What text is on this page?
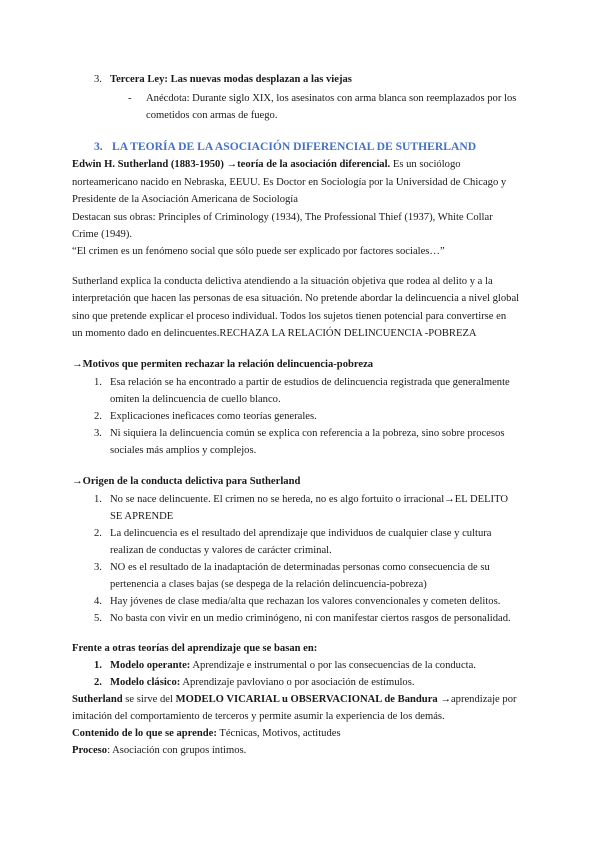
3. Tercera Ley: Las nuevas modas desplazan a las viejas
- Anécdota: Durante siglo XIX, los asesinatos con arma blanca son reemplazados por los
cometidos con armas de fuego.
3. LA TEORÍA DE LA ASOCIACIÓN DIFERENCIAL DE SUTHERLAND
Edwin H. Sutherland (1883-1950) →teoría de la asociación diferencial. Es un sociólogo
norteamericano nacido en Nebraska, EEUU. Es Doctor en Sociología por la Universidad de Chicago y
Presidente de la Asociación Americana de Sociología
Destacan sus obras: Principles of Criminology (1934), The Professional Thief (1937), White Collar
Crime (1949).
“El crimen es un fenómeno social que sólo puede ser explicado por factores sociales…”
Sutherland explica la conducta delictiva atendiendo a la situación objetiva que rodea al delito y a la
interpretación que hacen las personas de esa situación. No pretende abordar la delincuencia a nivel global
sino que pretende explicar el proceso individual. Todos los sujetos tienen potencial para convertirse en
un momento dado en delincuentes.RECHAZA LA RELACIÓN DELINCUENCIA -POBREZA
→Motivos que permiten rechazar la relación delincuencia-pobreza
1. Esa relación se ha encontrado a partir de estudios de delincuencia registrada que generalmente
omiten la delincuencia de cuello blanco.
2. Explicaciones ineficaces como teorías generales.
3. Ni siquiera la delincuencia común se explica con referencia a la pobreza, sino sobre procesos
sociales más amplios y complejos.
→Origen de la conducta delictiva para Sutherland
1. No se nace delincuente. El crimen no se hereda, no es algo fortuito o irracional→EL DELITO
SE APRENDE
2. La delincuencia es el resultado del aprendizaje que individuos de cualquier clase y cultura
realizan de conductas y valores de carácter criminal.
3. NO es el resultado de la inadaptación de determinadas personas como consecuencia de su
pertenencia a clases bajas (se despega de la relación delincuencia-pobreza)
4. Hay jóvenes de clase media/alta que rechazan los valores convencionales y cometen delitos.
5. No basta con vivir en un medio criminógeno, ni con manifestar ciertos rasgos de personalidad.
Frente a otras teorías del aprendizaje que se basan en:
1. Modelo operante: Aprendizaje e instrumental o por las consecuencias de la conducta.
2. Modelo clásico: Aprendizaje pavloviano o por asociación de estímulos.
Sutherland se sirve del MODELO VICARIAL u OBSERVACIONAL de Bandura →aprendizaje por
imitación del comportamiento de terceros y permite asumir la experiencia de los demás.
Contenido de lo que se aprende: Técnicas, Motivos, actitudes
Proceso: Asociación con grupos íntimos.
